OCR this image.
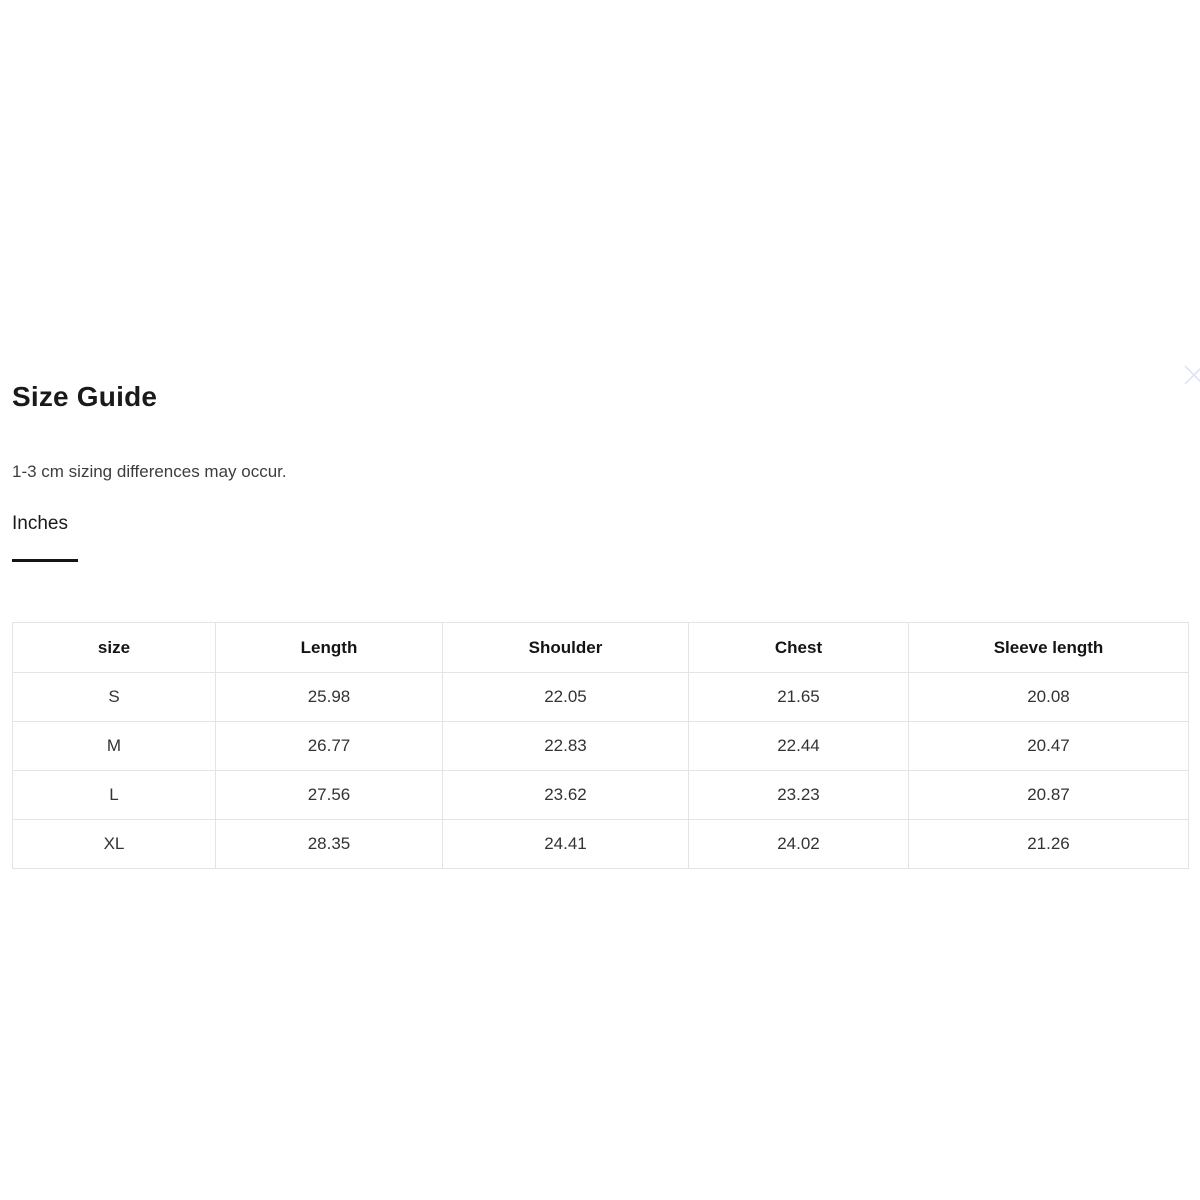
Size Guide

1-3 cm sizing differences may occur.

Inches
size	Length	Shoulder	Chest	Sleeve length
S	25.98	22.05	21.65	20.08
M	26.77	22.83	22.44	20.47
L	27.56	23.62	23.23	20.87
XL	28.35	24.41	24.02	21.26
